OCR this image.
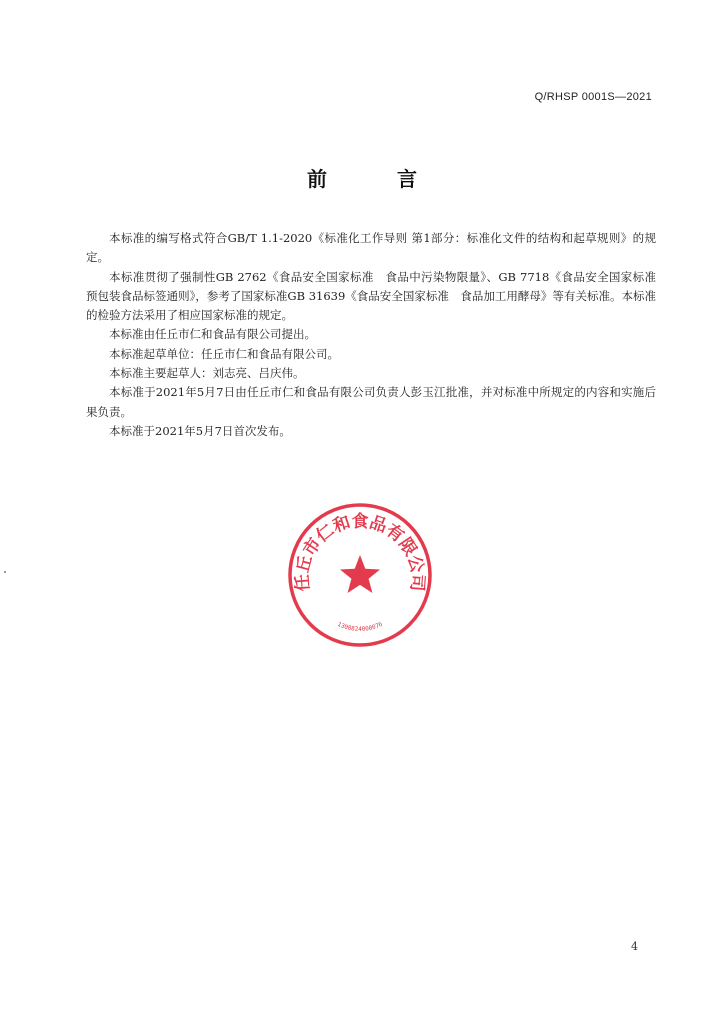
Q/RHSP 0001S—2021
前	言

本标准的编写格式符合GB/T 1.1-2020《标准化工作导则 第1部分：标准化文件的结构和起草规则》的规定。

本标准贯彻了强制性GB 2762《食品安全国家标准　食品中污染物限量》、GB 7718《食品安全国家标准 预包装食品标签通则》，参考了国家标准GB 31639《食品安全国家标准　食品加工用酵母》等有关标准。本标准的检验方法采用了相应国家标准的规定。

本标准由任丘市仁和食品有限公司提出。

本标准起草单位：任丘市仁和食品有限公司。

本标准主要起草人：刘志亮、吕庆伟。

本标准于2021年5月7日由任丘市仁和食品有限公司负责人彭玉江批准，并对标准中所规定的内容和实施后果负责。

本标准于2021年5月7日首次发布。

任丘市仁和食品有限公司
1308824000076
4
